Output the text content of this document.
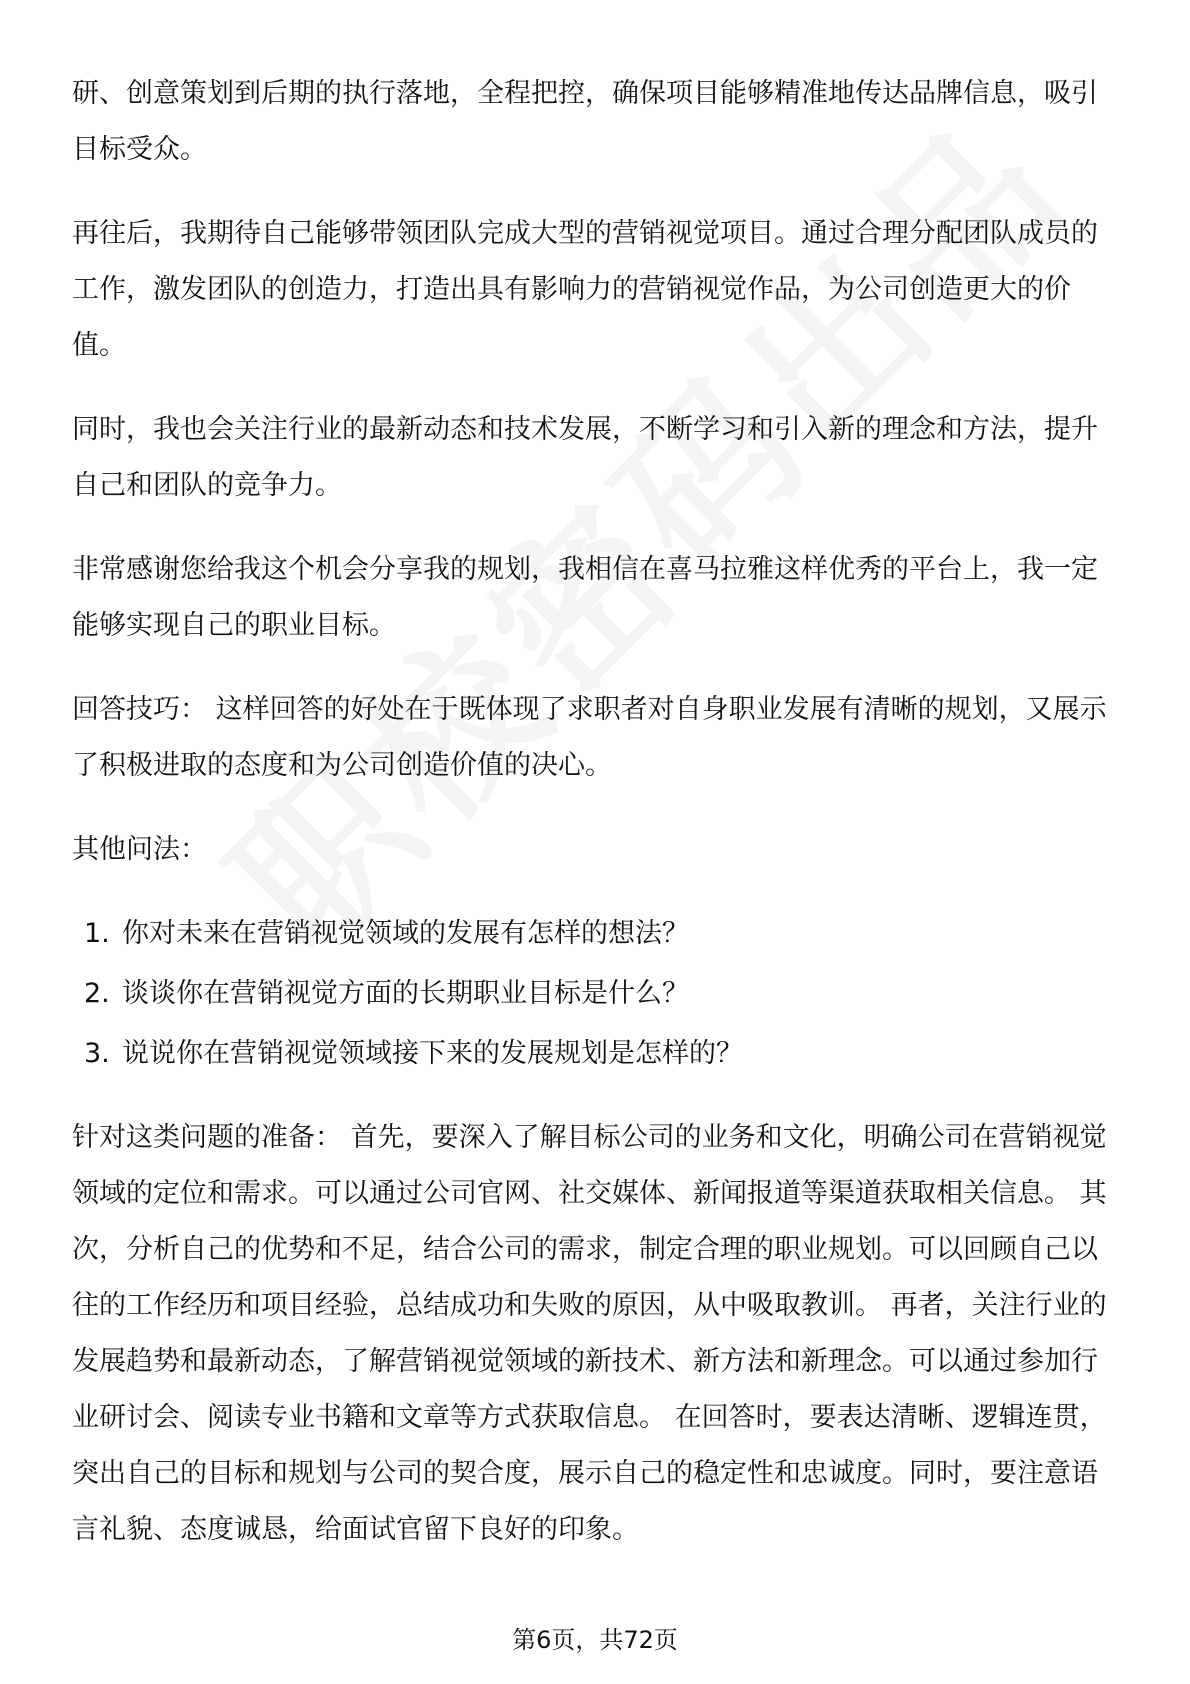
研、创意策划到后期的执行落地，全程把控，确保项目能够精准地传达品牌信息，吸引目标受众。

再往后，我期待自己能够带领团队完成大型的营销视觉项目。通过合理分配团队成员的工作，激发团队的创造力，打造出具有影响力的营销视觉作品，为公司创造更大的价值。

同时，我也会关注行业的最新动态和技术发展，不断学习和引入新的理念和方法，提升自己和团队的竞争力。

非常感谢您给我这个机会分享我的规划，我相信在喜马拉雅这样优秀的平台上，我一定能够实现自己的职业目标。

回答技巧： 这样回答的好处在于既体现了求职者对自身职业发展有清晰的规划，又展示了积极进取的态度和为公司创造价值的决心。

其他问法：

1. 你对未来在营销视觉领域的发展有怎样的想法？
2. 谈谈你在营销视觉方面的长期职业目标是什么？
3. 说说你在营销视觉领域接下来的发展规划是怎样的？

针对这类问题的准备： 首先，要深入了解目标公司的业务和文化，明确公司在营销视觉领域的定位和需求。可以通过公司官网、社交媒体、新闻报道等渠道获取相关信息。 其次，分析自己的优势和不足，结合公司的需求，制定合理的职业规划。可以回顾自己以往的工作经历和项目经验，总结成功和失败的原因，从中吸取教训。 再者，关注行业的发展趋势和最新动态，了解营销视觉领域的新技术、新方法和新理念。可以通过参加行业研讨会、阅读专业书籍和文章等方式获取信息。 在回答时，要表达清晰、逻辑连贯，突出自己的目标和规划与公司的契合度，展示自己的稳定性和忠诚度。同时，要注意语言礼貌、态度诚恳，给面试官留下良好的印象。

第6页，共72页
